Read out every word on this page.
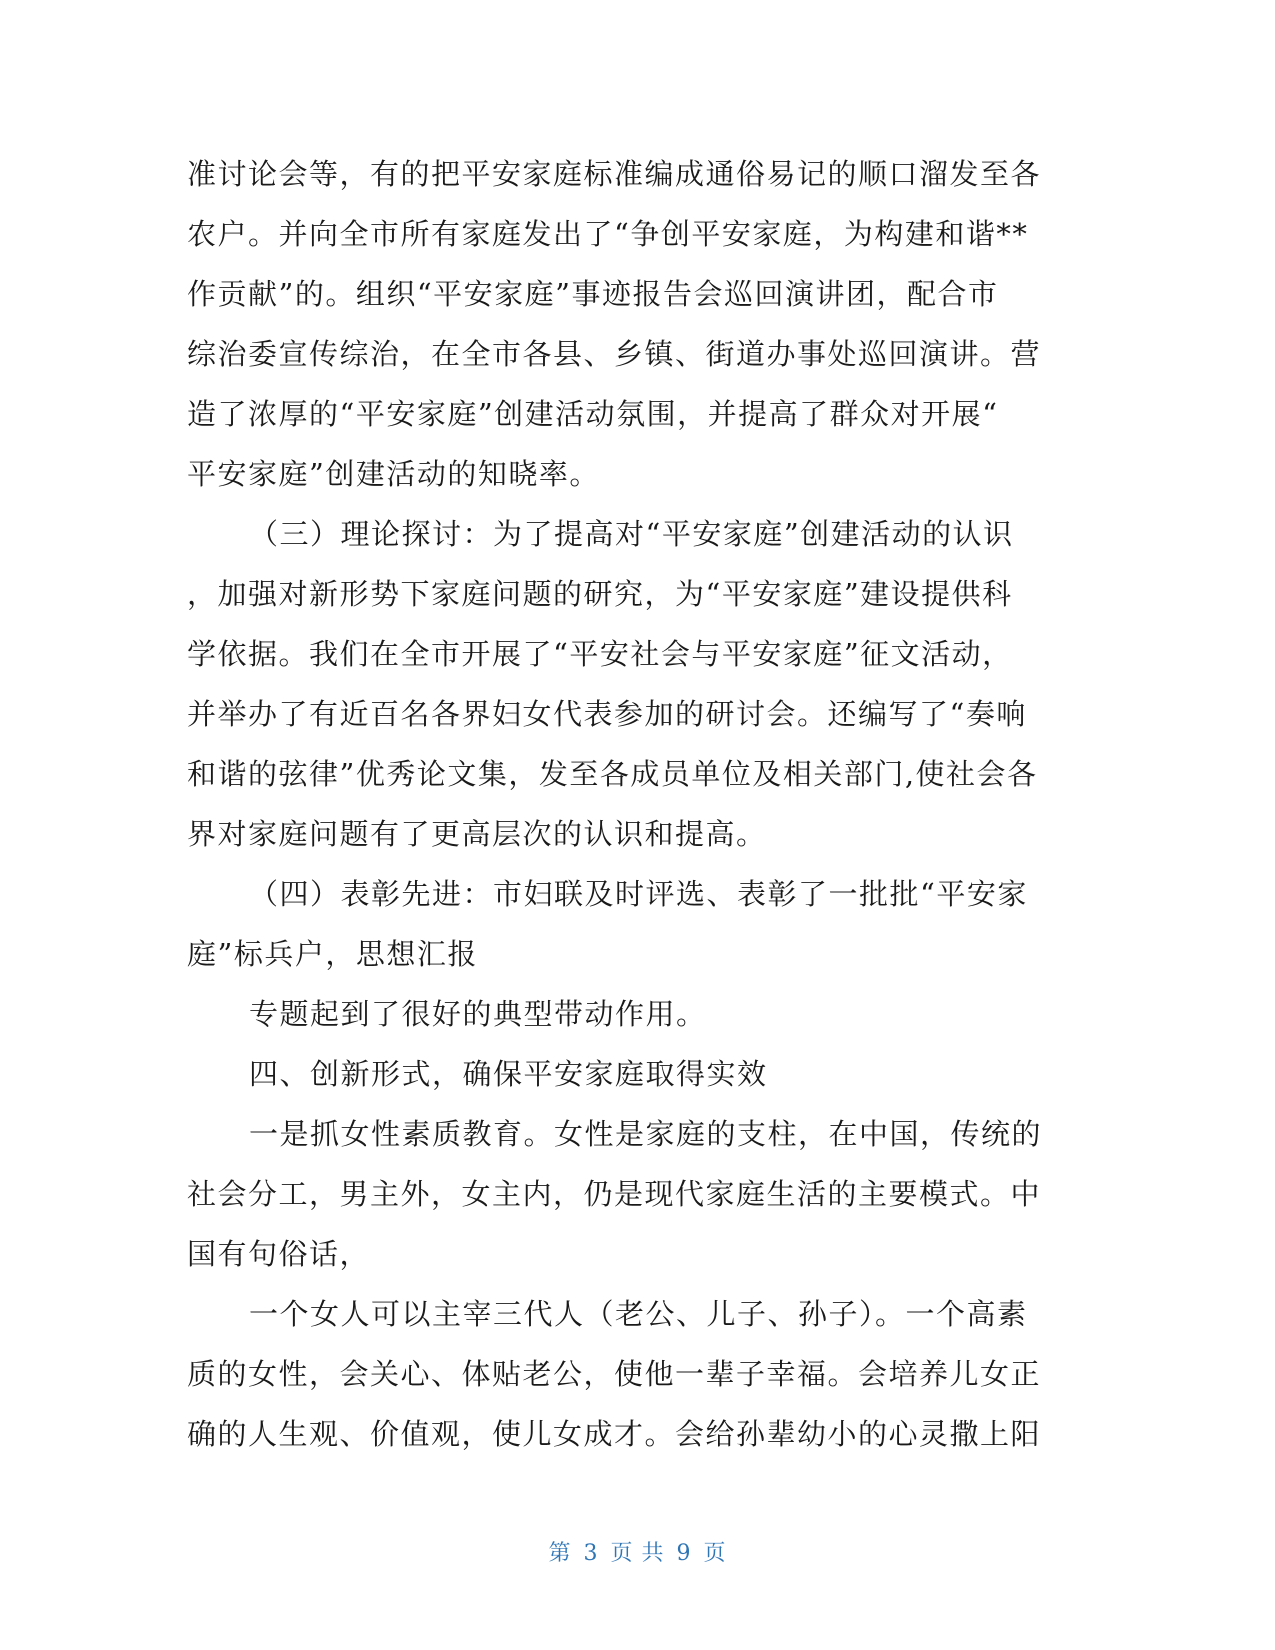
准讨论会等，有的把平安家庭标准编成通俗易记的顺口溜发至各
农户。并向全市所有家庭发出了“争创平安家庭，为构建和谐**
作贡献”的。组织“平安家庭”事迹报告会巡回演讲团，配合市
综治委宣传综治，在全市各县、乡镇、街道办事处巡回演讲。营
造了浓厚的“平安家庭”创建活动氛围，并提高了群众对开展“
平安家庭”创建活动的知晓率。
（三）理论探讨：为了提高对“平安家庭”创建活动的认识
，加强对新形势下家庭问题的研究，为“平安家庭”建设提供科
学依据。我们在全市开展了“平安社会与平安家庭”征文活动，
并举办了有近百名各界妇女代表参加的研讨会。还编写了“奏响
和谐的弦律”优秀论文集，发至各成员单位及相关部门,使社会各
界对家庭问题有了更高层次的认识和提高。
（四）表彰先进：市妇联及时评选、表彰了一批批“平安家
庭”标兵户，思想汇报
专题起到了很好的典型带动作用。
四、创新形式，确保平安家庭取得实效
一是抓女性素质教育。女性是家庭的支柱，在中国，传统的
社会分工，男主外，女主内，仍是现代家庭生活的主要模式。中
国有句俗话，
一个女人可以主宰三代人（老公、儿子、孙子）。一个高素
质的女性，会关心、体贴老公，使他一辈子幸福。会培养儿女正
确的人生观、价值观，使儿女成才。会给孙辈幼小的心灵撒上阳
第 3 页 共 9 页
